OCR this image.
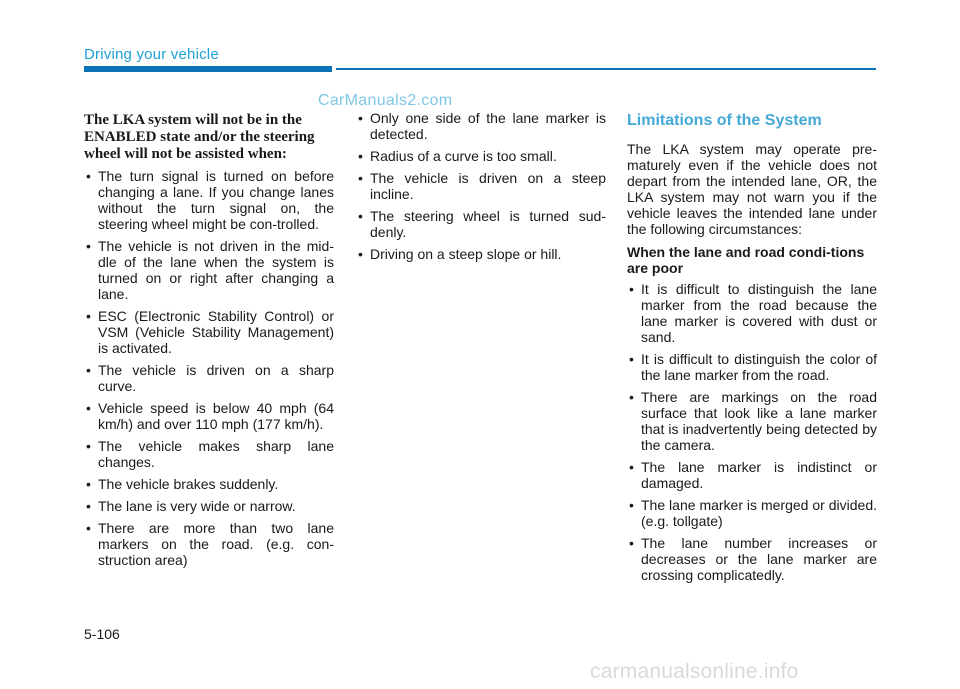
Driving your vehicle
CarManuals2.com

The LKA system will not be in the ENABLED state and/or the steering wheel will not be assisted when:

• The turn signal is turned on before changing a lane. If you change lanes without the turn signal on, the steering wheel might be con-trolled.
• The vehicle is not driven in the mid-dle of the lane when the system is turned on or right after changing a lane.
• ESC (Electronic Stability Control) or VSM (Vehicle Stability Management) is activated.
• The vehicle is driven on a sharp curve.
• Vehicle speed is below 40 mph (64 km/h) and over 110 mph (177 km/h).
• The vehicle makes sharp lane changes.
• The vehicle brakes suddenly.
• The lane is very wide or narrow.
• There are more than two lane markers on the road. (e.g. con-struction area)
• Only one side of the lane marker is detected.
• Radius of a curve is too small.
• The vehicle is driven on a steep incline.
• The steering wheel is turned sud-denly.
• Driving on a steep slope or hill.

Limitations of the System

The LKA system may operate pre-maturely even if the vehicle does not depart from the intended lane, OR, the LKA system may not warn you if the vehicle leaves the intended lane under the following circumstances:

When the lane and road condi-tions are poor

• It is difficult to distinguish the lane marker from the road because the lane marker is covered with dust or sand.
• It is difficult to distinguish the color of the lane marker from the road.
• There are markings on the road surface that look like a lane marker that is inadvertently being detected by the camera.
• The lane marker is indistinct or damaged.
• The lane marker is merged or divided. (e.g. tollgate)
• The lane number increases or decreases or the lane marker are crossing complicatedly.
5-106
carmanualsonline.info
